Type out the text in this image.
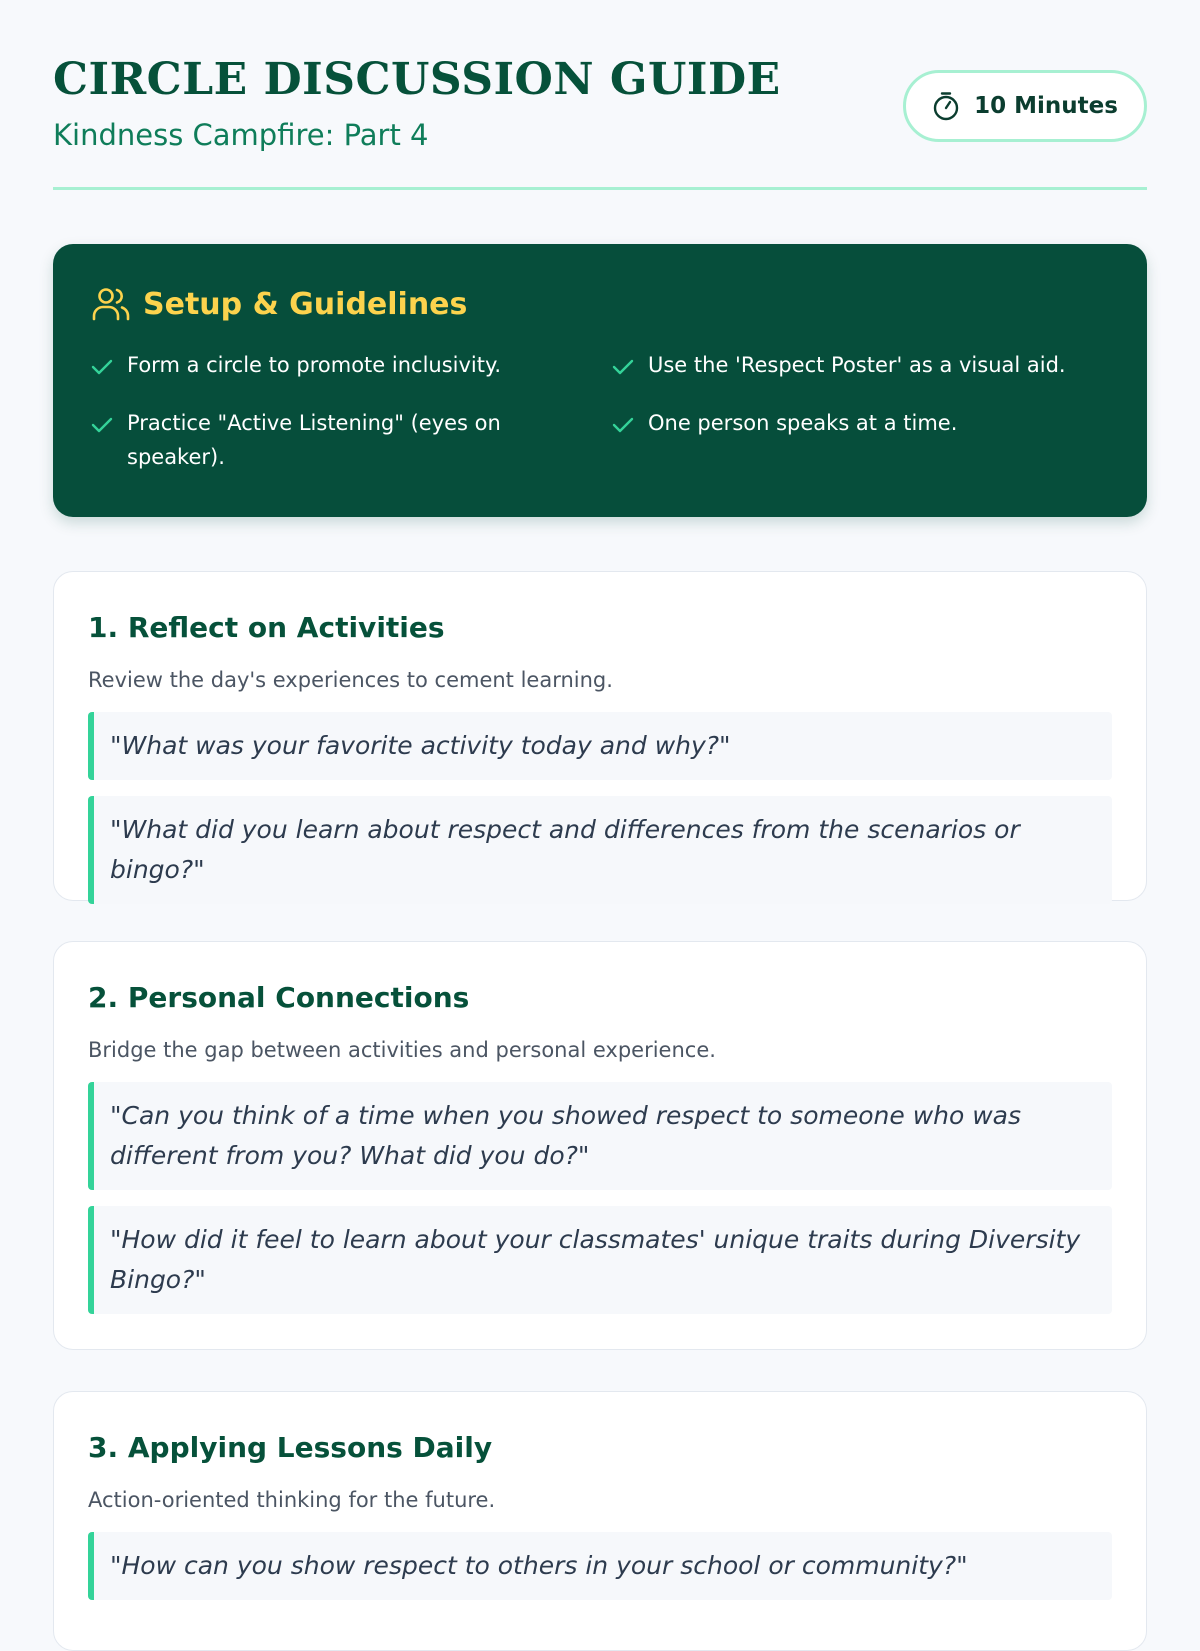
CIRCLE DISCUSSION GUIDE

Kindness Campfire: Part 4

10 Minutes
Setup & Guidelines
Form a circle to promote inclusivity.	Use the 'Respect Poster' as a visual aid.
Practice "Active Listening" (eyes on speaker).
One person speaks at a time.
1. Reflect on Activities

Review the day's experiences to cement learning.

"What was your favorite activity today and why?"
"What did you learn about respect and differences from the scenarios or bingo?"
2. Personal Connections

Bridge the gap between activities and personal experience.

"Can you think of a time when you showed respect to someone who was different from you? What did you do?"
"How did it feel to learn about your classmates' unique traits during Diversity Bingo?"
3. Applying Lessons Daily

Action-oriented thinking for the future.

"How can you show respect to others in your school or community?"
